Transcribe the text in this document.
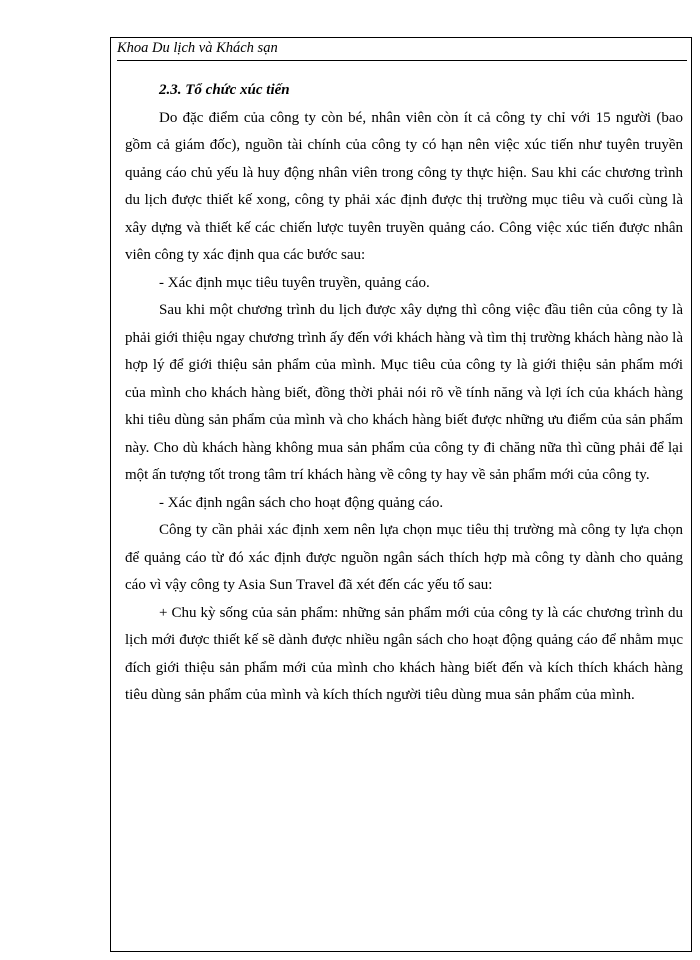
Khoa Du lịch và Khách sạn

2.3. Tổ chức xúc tiến

Do đặc điểm của công ty còn bé, nhân viên còn ít cả công ty chỉ với 15 người (bao gồm cả giám đốc), nguồn tài chính của công ty có hạn nên việc xúc tiến như tuyên truyền quảng cáo chủ yếu là huy động nhân viên trong công ty thực hiện. Sau khi các chương trình du lịch được thiết kế xong, công ty phải xác định được thị trường mục tiêu và cuối cùng là xây dựng và thiết kế các chiến lược tuyên truyền quảng cáo. Công việc xúc tiến được nhân viên công ty xác định qua các bước sau:

- Xác định mục tiêu tuyên truyền, quảng cáo.

Sau khi một chương trình du lịch được xây dựng thì công việc đầu tiên của công ty là phải giới thiệu ngay chương trình ấy đến với khách hàng và tìm thị trường khách hàng nào là hợp lý để giới thiệu sản phẩm của mình. Mục tiêu của công ty là giới thiệu sản phẩm mới của mình cho khách hàng biết, đồng thời phải nói rõ về tính năng và lợi ích của khách hàng khi tiêu dùng sản phẩm của mình và cho khách hàng biết được những ưu điểm của sản phẩm này. Cho dù khách hàng không mua sản phẩm của công ty đi chăng nữa thì cũng phải để lại một ấn tượng tốt trong tâm trí khách hàng về công ty hay về sản phẩm mới của công ty.

- Xác định ngân sách cho hoạt động quảng cáo.

Công ty cần phải xác định xem nên lựa chọn mục tiêu thị trường mà công ty lựa chọn để quảng cáo từ đó xác định được nguồn ngân sách thích hợp mà công ty dành cho quảng cáo vì vậy công ty Asia Sun Travel đã xét đến các yếu tố sau:

+ Chu kỳ sống của sản phẩm: những sản phẩm mới của công ty là các chương trình du lịch mới được thiết kế sẽ dành được nhiều ngân sách cho hoạt động quảng cáo để nhằm mục đích giới thiệu sản phẩm mới của mình cho khách hàng biết đến và kích thích khách hàng tiêu dùng sản phẩm của mình và kích thích người tiêu dùng mua sản phẩm của mình.
